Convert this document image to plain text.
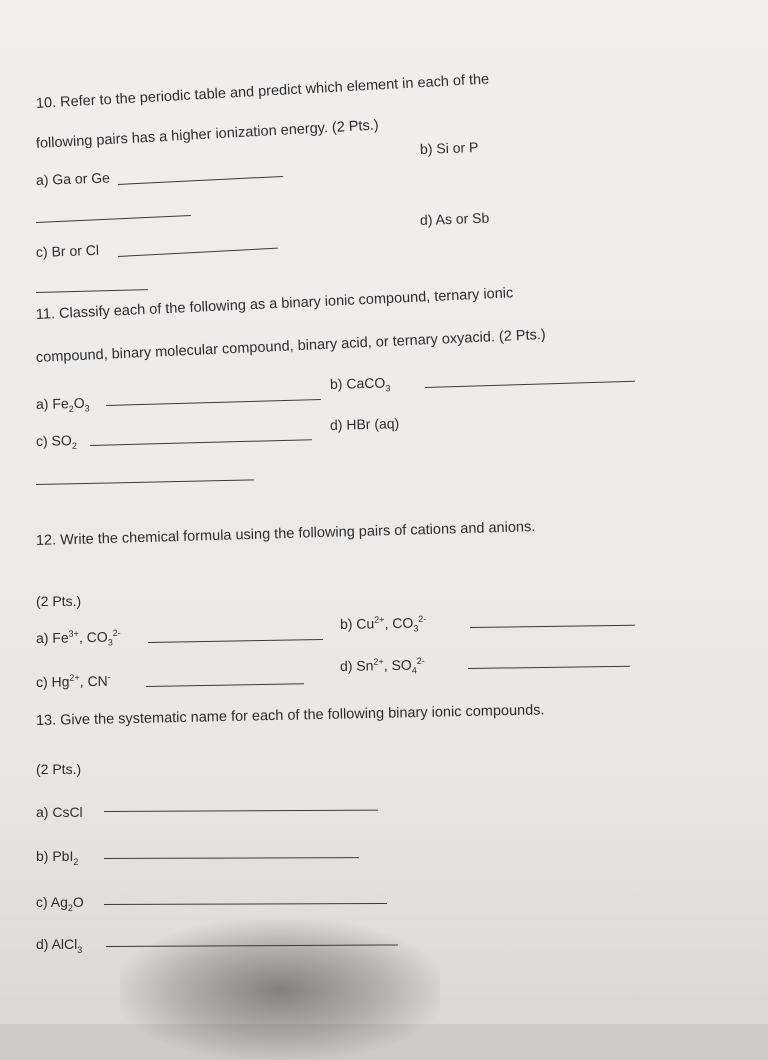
10. Refer to the periodic table and predict which element in each of the
following pairs has a higher ionization energy. (2 Pts.)	b) Si or P
a) Ga or Ge
d) As or Sb
c) Br or Cl
11. Classify each of the following as a binary ionic compound, ternary ionic
compound, binary molecular compound, binary acid, or ternary oxyacid. (2 Pts.)
b) CaCO$_3$
a) $Fe_2O_3$
d) HBr (aq)
c) $SO_2$
12. Write the chemical formula using the following pairs of cations and anions.
(2 Pts.)
b) $Cu^{2+}$, $CO_3^{2-}$
a) $Fe^{3+}$, $CO_3^{2-}$
d) $Sn^{2+}$, $SO_4^{2-}$
c) $Hg^{2+}$, CN-
13. Give the systematic name for each of the following binary ionic compounds.
(2 Pts.)
a) CsCl
b) PbI$_2$
c) $Ag_2O$
d) AlCl$_3$
